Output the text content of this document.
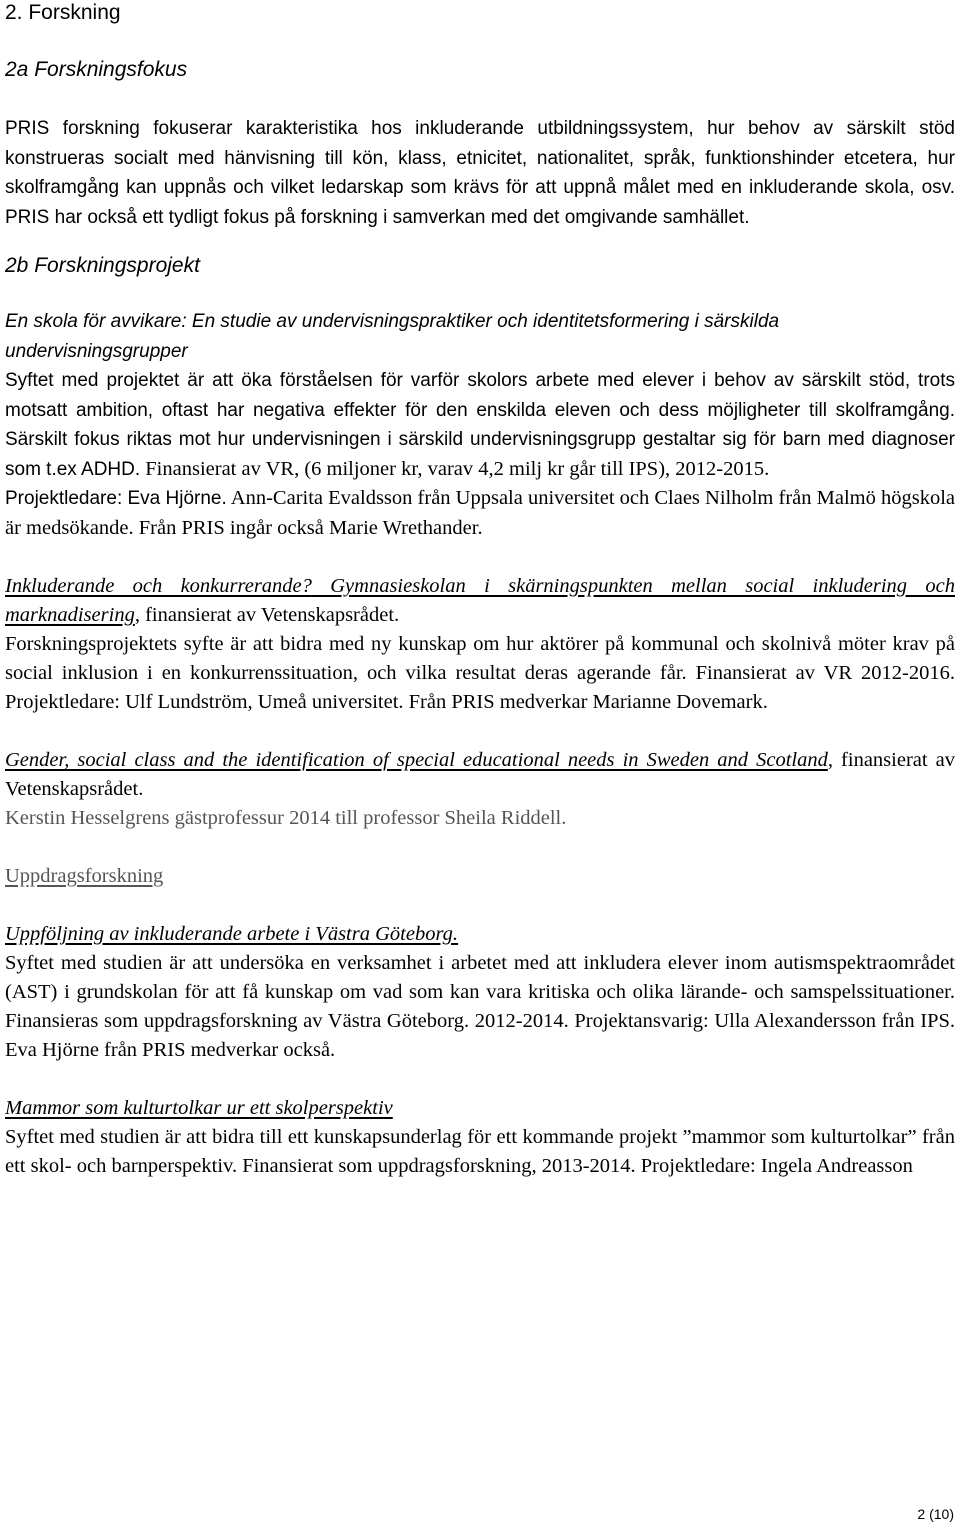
2. Forskning
2a Forskningsfokus

PRIS forskning fokuserar karakteristika hos inkluderande utbildningssystem, hur behov av särskilt stöd konstrueras socialt med hänvisning till kön, klass, etnicitet, nationalitet, språk, funktionshinder etcetera, hur skolframgång kan uppnås och vilket ledarskap som krävs för att uppnå målet med en inkluderande skola, osv. PRIS har också ett tydligt fokus på forskning i samverkan med det omgivande samhället.

2b Forskningsprojekt

En skola för avvikare: En studie av undervisningspraktiker och identitetsformering i särskilda undervisningsgrupper

Syftet med projektet är att öka förståelsen för varför skolors arbete med elever i behov av särskilt stöd, trots motsatt ambition, oftast har negativa effekter för den enskilda eleven och dess möjligheter till skolframgång. Särskilt fokus riktas mot hur undervisningen i särskild undervisningsgrupp gestaltar sig för barn med diagnoser som t.ex ADHD. Finansierat av VR, (6 miljoner kr, varav 4,2 milj kr går till IPS), 2012-2015.

Projektledare: Eva Hjörne. Ann-Carita Evaldsson från Uppsala universitet och Claes Nilholm från Malmö högskola är medsökande. Från PRIS ingår också Marie Wrethander.

Inkluderande och konkurrerande? Gymnasieskolan i skärningspunkten mellan social inkludering och marknadisering, finansierat av Vetenskapsrådet.

Forskningsprojektets syfte är att bidra med ny kunskap om hur aktörer på kommunal och skolnivå möter krav på social inklusion i en konkurrenssituation, och vilka resultat deras agerande får. Finansierat av VR 2012-2016. Projektledare: Ulf Lundström, Umeå universitet. Från PRIS medverkar Marianne Dovemark.

Gender, social class and the identification of special educational needs in Sweden and Scotland, finansierat av Vetenskapsrådet.

Kerstin Hesselgrens gästprofessur 2014 till professor Sheila Riddell.

Uppdragsforskning

Uppföljning av inkluderande arbete i Västra Göteborg.

Syftet med studien är att undersöka en verksamhet i arbetet med att inkludera elever inom autismspektraområdet (AST) i grundskolan för att få kunskap om vad som kan vara kritiska och olika lärande- och samspelssituationer. Finansieras som uppdragsforskning av Västra Göteborg. 2012-2014. Projektansvarig: Ulla Alexandersson från IPS. Eva Hjörne från PRIS medverkar också.

Mammor som kulturtolkar ur ett skolperspektiv

Syftet med studien är att bidra till ett kunskapsunderlag för ett kommande projekt ”mammor som kulturtolkar” från ett skol- och barnperspektiv. Finansierat som uppdragsforskning, 2013-2014. Projektledare: Ingela Andreasson

2 (10)
